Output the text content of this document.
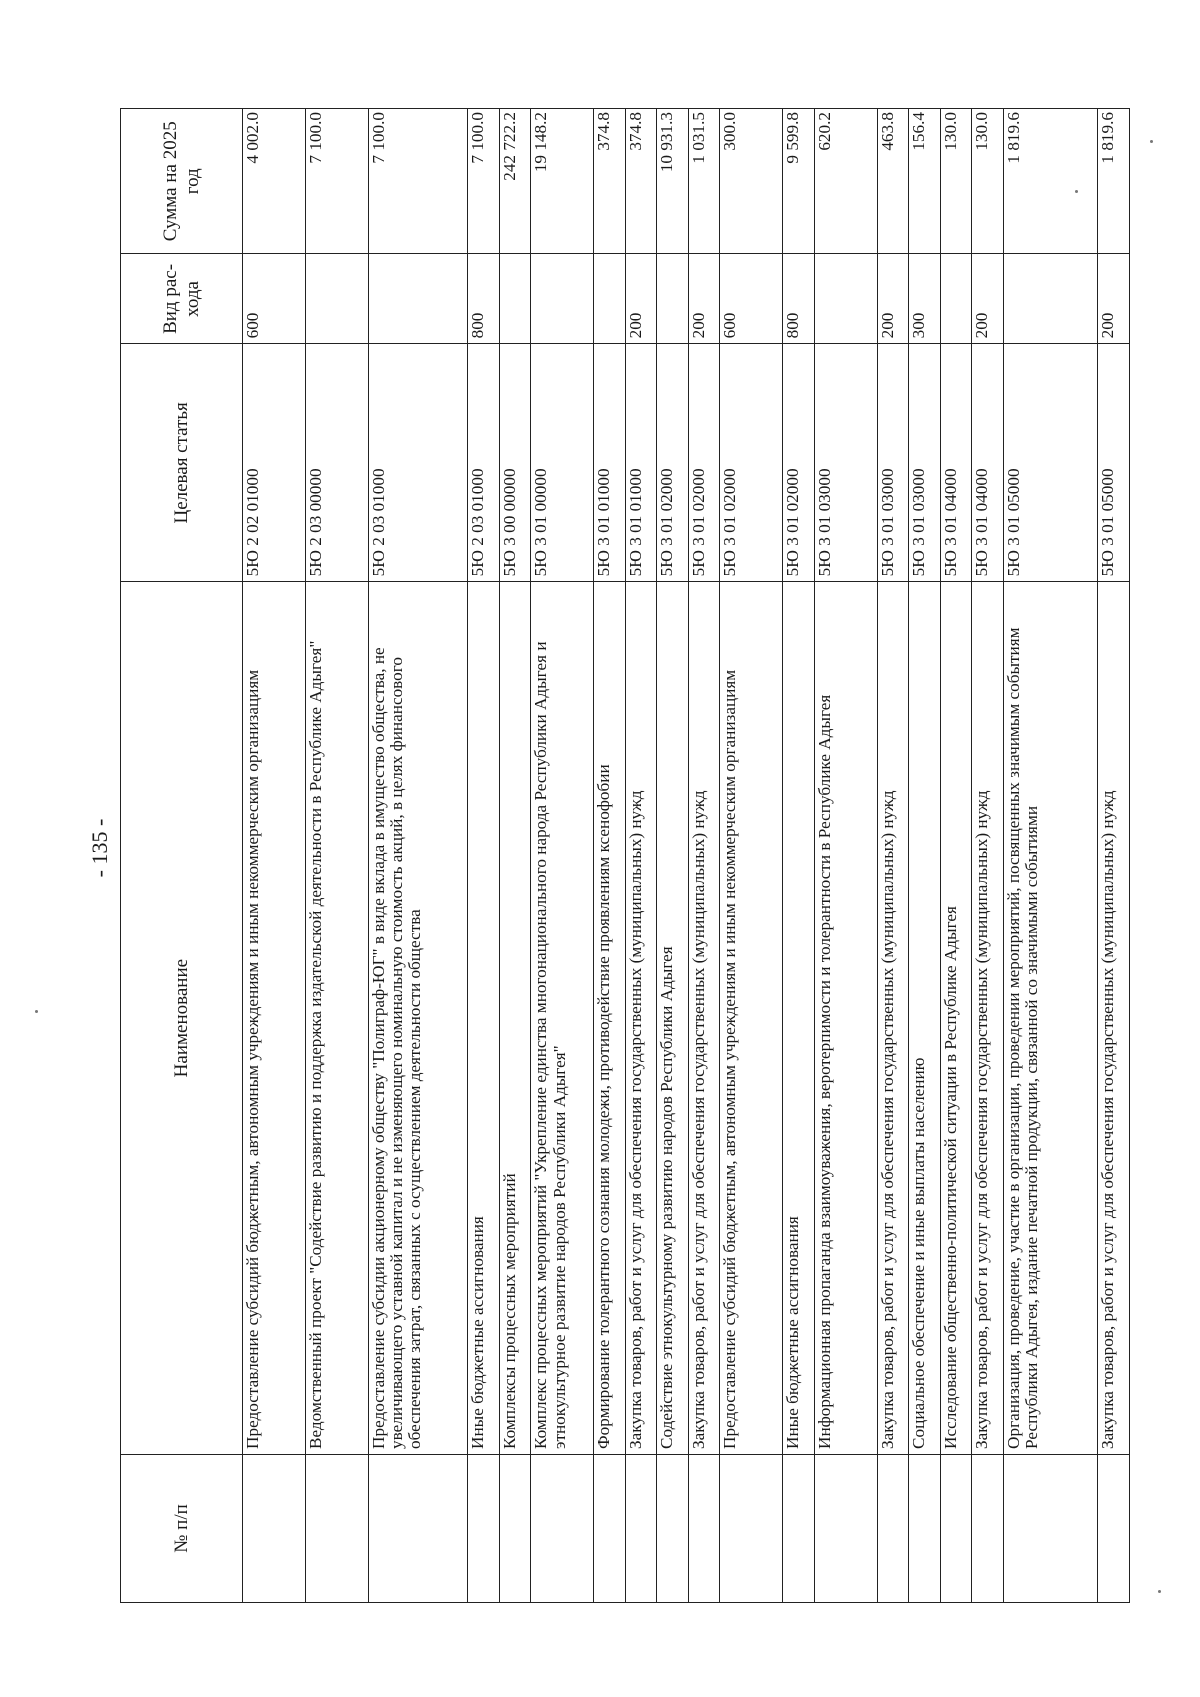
- 135 -
№ п/п	Наименование	Целевая статья	Вид рас- хода	Сумма на 2025 год
	Предоставление субсидий бюджетным, автономным учреждениям и иным некоммерческим организациям	5Ю 2 02 01000	600	4 002.0
	Ведомственный проект "Содействие развитию и поддержка издательской деятельности в Республике Адыгея"	5Ю 2 03 00000		7 100.0
	Предоставление субсидии акционерному обществу "Полиграф-ЮГ" в виде вклада в имущество общества, не увеличивающего уставной капитал и не изменяющего номинальную стоимость акций, в целях финансового обеспечения затрат, связанных с осуществлением деятельности общества	5Ю 2 03 01000		7 100.0
	Иные бюджетные ассигнования	5Ю 2 03 01000	800	7 100.0
	Комплексы процессных мероприятий	5Ю 3 00 00000		242 722.2
	Комплекс процессных мероприятий "Укрепление единства многонационального народа Республики Адыгея и этнокультурное развитие народов Республики Адыгея"	5Ю 3 01 00000		19 148.2
	Формирование толерантного сознания молодежи, противодействие проявлениям ксенофобии	5Ю 3 01 01000		374.8
	Закупка товаров, работ и услуг для обеспечения государственных (муниципальных) нужд	5Ю 3 01 01000	200	374.8
	Содействие этнокультурному развитию народов Республики Адыгея	5Ю 3 01 02000		10 931.3
	Закупка товаров, работ и услуг для обеспечения государственных (муниципальных) нужд	5Ю 3 01 02000	200	1 031.5
	Предоставление субсидий бюджетным, автономным учреждениям и иным некоммерческим организациям	5Ю 3 01 02000	600	300.0
	Иные бюджетные ассигнования	5Ю 3 01 02000	800	9 599.8
	Информационная пропаганда взаимоуважения, веротерпимости и толерантности в Республике Адыгея	5Ю 3 01 03000		620.2
	Закупка товаров, работ и услуг для обеспечения государственных (муниципальных) нужд	5Ю 3 01 03000	200	463.8
	Социальное обеспечение и иные выплаты населению	5Ю 3 01 03000	300	156.4
	Исследование общественно-политической ситуации в Республике Адыгея	5Ю 3 01 04000		130.0
	Закупка товаров, работ и услуг для обеспечения государственных (муниципальных) нужд	5Ю 3 01 04000	200	130.0
	Организация, проведение, участие в организации, проведении мероприятий, посвященных значимым событиям Республики Адыгея, издание печатной продукции, связанной со значимыми событиями	5Ю 3 01 05000		1 819.6
	Закупка товаров, работ и услуг для обеспечения государственных (муниципальных) нужд	5Ю 3 01 05000	200	1 819.6
